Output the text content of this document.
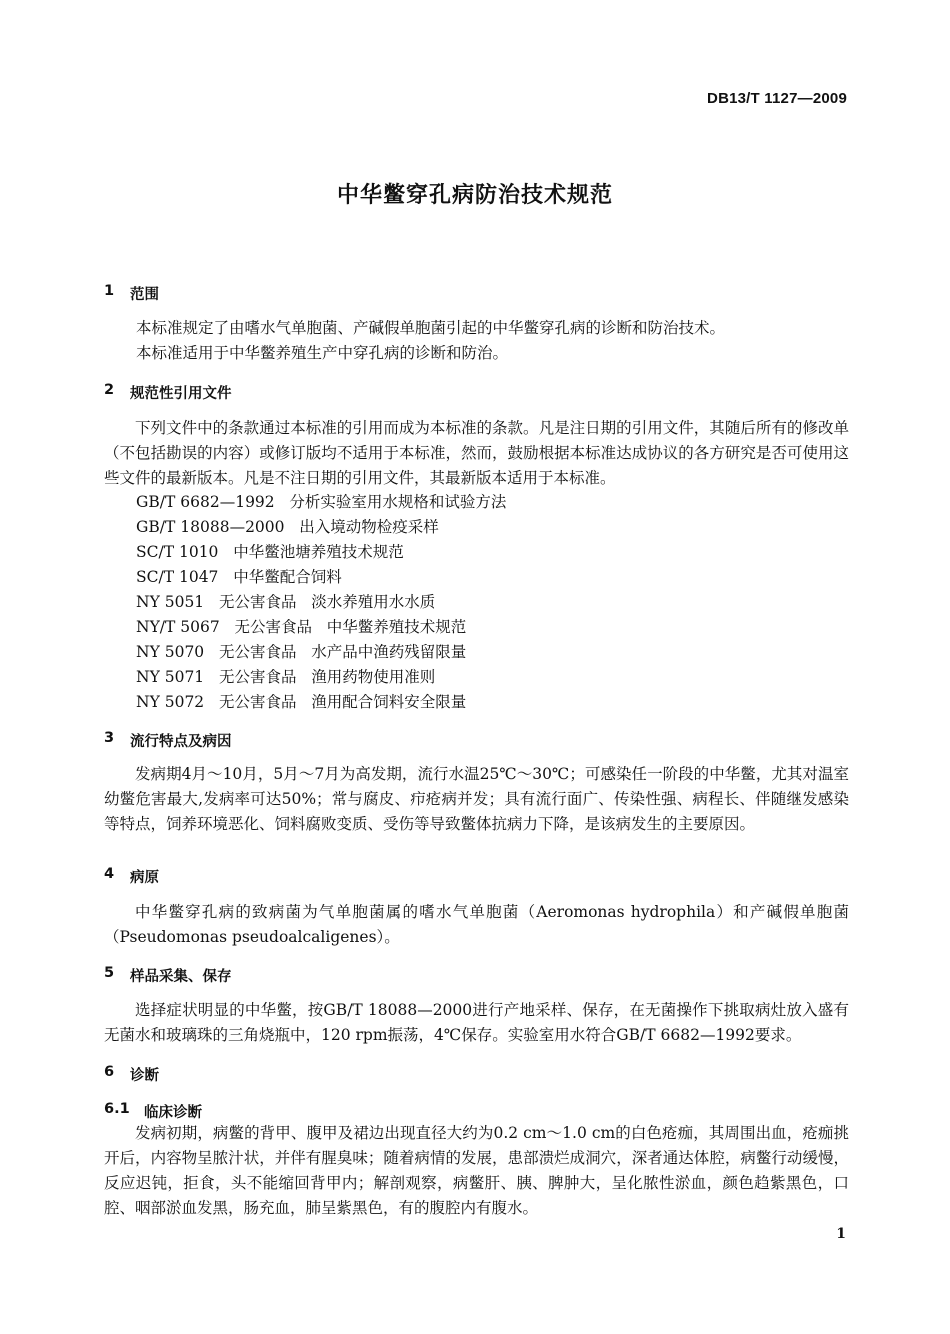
DB13/T 1127—2009
中华鳖穿孔病防治技术规范
1	范围
本标准规定了由嗜水气单胞菌、产碱假单胞菌引起的中华鳖穿孔病的诊断和防治技术。
本标准适用于中华鳖养殖生产中穿孔病的诊断和防治。
2	规范性引用文件
下列文件中的条款通过本标准的引用而成为本标准的条款。凡是注日期的引用文件，其随后所有的修改单（不包括勘误的内容）或修订版均不适用于本标准，然而，鼓励根据本标准达成协议的各方研究是否可使用这些文件的最新版本。凡是不注日期的引用文件，其最新版本适用于本标准。
GB/T 6682—1992   分析实验室用水规格和试验方法
GB/T 18088—2000   出入境动物检疫采样
SC/T 1010   中华鳖池塘养殖技术规范
SC/T 1047   中华鳖配合饲料
NY 5051   无公害食品   淡水养殖用水水质
NY/T 5067   无公害食品   中华鳖养殖技术规范
NY 5070   无公害食品   水产品中渔药残留限量
NY 5071   无公害食品   渔用药物使用准则
NY 5072   无公害食品   渔用配合饲料安全限量
3	流行特点及病因
发病期4月～10月，5月～7月为高发期，流行水温25℃～30℃；可感染任一阶段的中华鳖，尤其对温室幼鳖危害最大,发病率可达50%；常与腐皮、疖疮病并发；具有流行面广、传染性强、病程长、伴随继发感染等特点，饲养环境恶化、饲料腐败变质、受伤等导致鳖体抗病力下降，是该病发生的主要原因。
4	病原
中华鳖穿孔病的致病菌为气单胞菌属的嗜水气单胞菌（Aeromonas hydrophila）和产碱假单胞菌（Pseudomonas pseudoalcaligenes）。
5	样品采集、保存
选择症状明显的中华鳖，按GB/T 18088—2000进行产地采样、保存，在无菌操作下挑取病灶放入盛有无菌水和玻璃珠的三角烧瓶中，120 rpm振荡，4℃保存。实验室用水符合GB/T 6682—1992要求。
6	诊断
6.1 临床诊断
发病初期，病鳖的背甲、腹甲及裙边出现直径大约为0.2 cm～1.0 cm的白色疮痂，其周围出血，疮痂挑开后，内容物呈脓汁状，并伴有腥臭味；随着病情的发展，患部溃烂成洞穴，深者通达体腔，病鳖行动缓慢，反应迟钝，拒食，头不能缩回背甲内；解剖观察，病鳖肝、胰、脾肿大，呈化脓性淤血，颜色趋紫黑色，口腔、咽部淤血发黑，肠充血，肺呈紫黑色，有的腹腔内有腹水。
1
